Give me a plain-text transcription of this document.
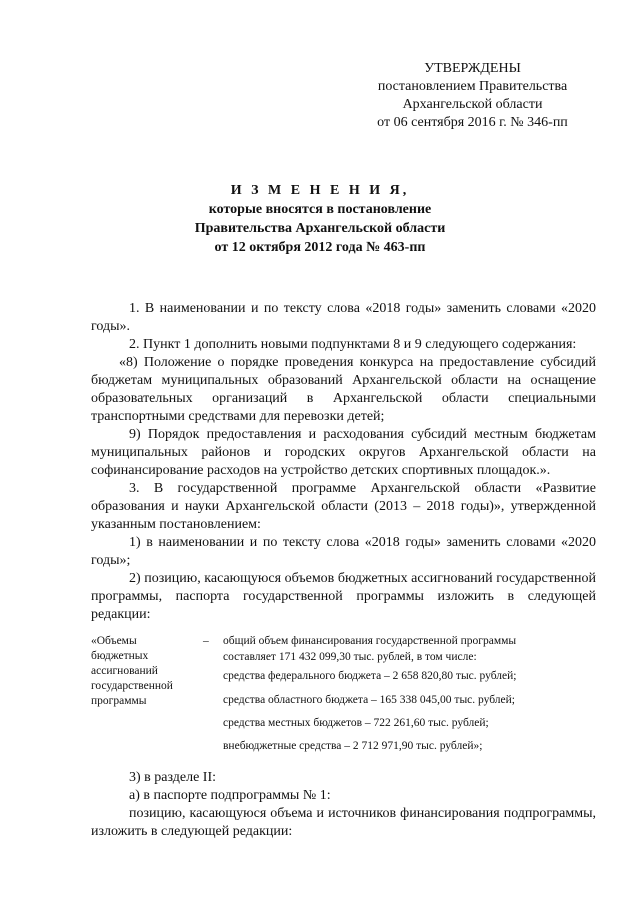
УТВЕРЖДЕНЫ
постановлением Правительства
Архангельской области
от 06 сентября 2016 г. № 346-пп
И З М Е Н Е Н И Я,
которые вносятся в постановление
Правительства Архангельской области
от 12 октября 2012 года № 463-пп

1. В наименовании и по тексту слова «2018 годы» заменить словами «2020 годы».

2. Пункт 1 дополнить новыми подпунктами 8 и 9 следующего содержания:

«8) Положение о порядке проведения конкурса на предоставление субсидий бюджетам муниципальных образований Архангельской области на оснащение образовательных организаций в Архангельской области специальными транспортными средствами для перевозки детей;

9) Порядок предоставления и расходования субсидий местным бюджетам муниципальных районов и городских округов Архангельской области на софинансирование расходов на устройство детских спортивных площадок.».

3. В государственной программе Архангельской области «Развитие образования и науки Архангельской области (2013 – 2018 годы)», утвержденной указанным постановлением:

1) в наименовании и по тексту слова «2018 годы» заменить словами «2020 годы»;

2) позицию, касающуюся объемов бюджетных ассигнований государственной программы, паспорта государственной программы изложить в следующей редакции:

«Объемы
бюджетных
ассигнований
государственной
программы
– общий объем финансирования государственной программы
составляет 171 432 099,30 тыс. рублей, в том числе:
средства федерального бюджета – 2 658 820,80 тыс. рублей;
средства областного бюджета – 165 338 045,00 тыс. рублей;
средства местных бюджетов – 722 261,60 тыс. рублей;
внебюджетные средства – 2 712 971,90 тыс. рублей»;

3) в разделе II:

а) в паспорте подпрограммы № 1:

позицию, касающуюся объема и источников финансирования подпрограммы, изложить в следующей редакции:
